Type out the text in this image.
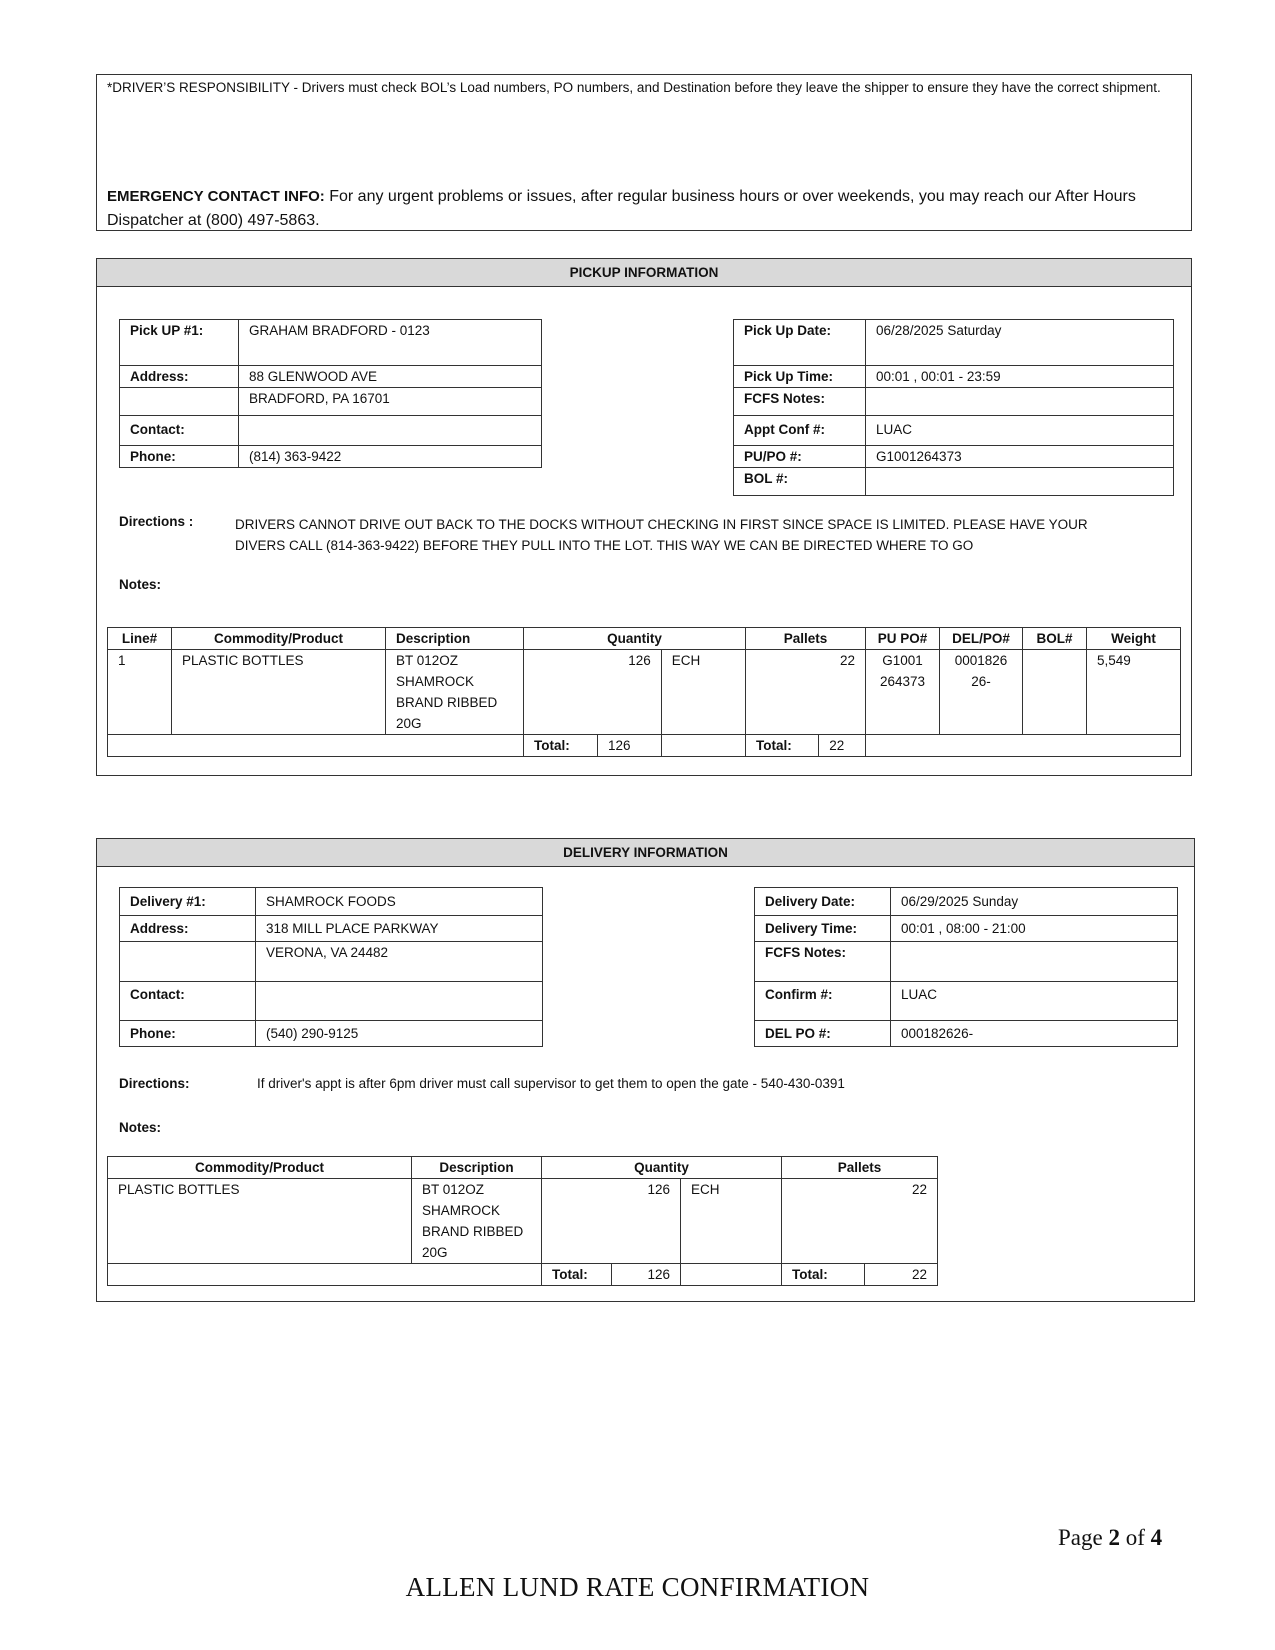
*DRIVER’S RESPONSIBILITY - Drivers must check BOL’s Load numbers, PO numbers, and Destination before they leave the shipper to ensure they have the correct shipment.
EMERGENCY CONTACT INFO: For any urgent problems or issues, after regular business hours or over weekends, you may reach our After Hours Dispatcher at (800) 497-5863.
PICKUP INFORMATION
Pick UP #1:	GRAHAM BRADFORD - 0123
Address:	88 GLENWOOD AVE
	BRADFORD, PA 16701
Contact:	
Phone:	(814) 363-9422
Pick Up Date:	06/28/2025 Saturday
Pick Up Time:	00:01 , 00:01 - 23:59
FCFS Notes:	
Appt Conf #:	LUAC
PU/PO #:	G1001264373
BOL #:	
Directions :	DRIVERS CANNOT DRIVE OUT BACK TO THE DOCKS WITHOUT CHECKING IN FIRST SINCE SPACE IS LIMITED. PLEASE HAVE YOUR DIVERS CALL (814-363-9422) BEFORE THEY PULL INTO THE LOT. THIS WAY WE CAN BE DIRECTED WHERE TO GO
Notes:
Line#	Commodity/Product	Description	Quantity			Pallets		PU PO#	DEL/PO#	BOL#	Weight
1	PLASTIC BOTTLES	BT 012OZ SHAMROCK BRAND RIBBED 20G	126		ECH	22		G1001 264373	0001826 26-		5,549
			Total:	126		Total:	22				
DELIVERY INFORMATION
Delivery #1:	SHAMROCK FOODS
Address:	318 MILL PLACE PARKWAY
	VERONA, VA 24482
Contact:	
Phone:	(540) 290-9125
Delivery Date:	06/29/2025 Sunday
Delivery Time:	00:01 , 08:00 - 21:00
FCFS Notes:	
Confirm #:	LUAC
DEL PO #:	000182626-
Directions:	If driver's appt is after 6pm driver must call supervisor to get them to open the gate - 540-430-0391
Notes:
Commodity/Product	Description	Quantity			Pallets	
PLASTIC BOTTLES	BT 012OZ SHAMROCK BRAND RIBBED 20G	126		ECH	22	
		Total:	126		Total:	22
Page 2 of 4
ALLEN LUND RATE CONFIRMATION
